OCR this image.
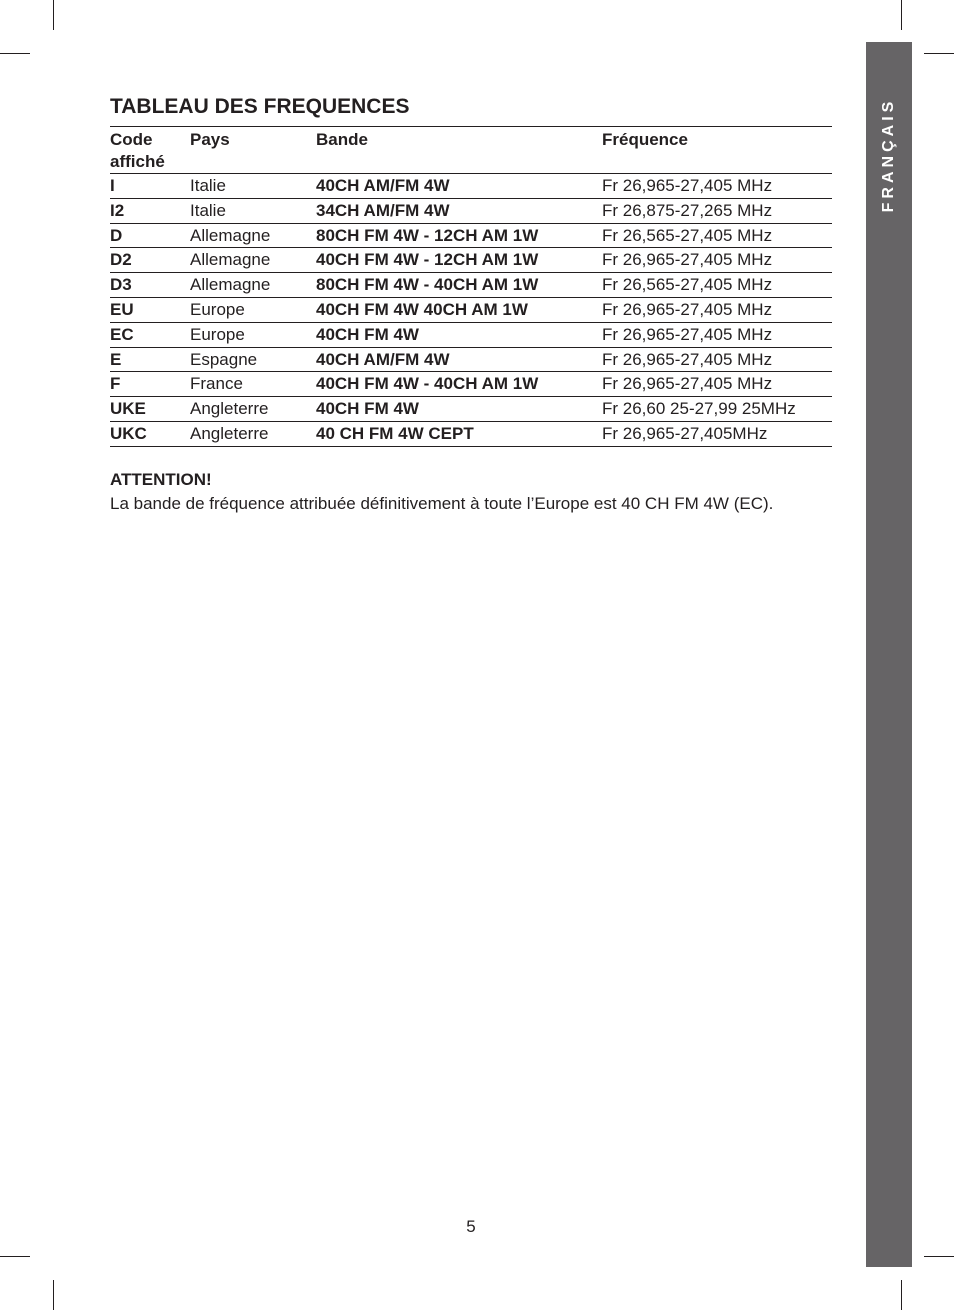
FRANÇAIS
TABLEAU DES FREQUENCES
Code
affiché	Pays	Bande	Fréquence
I	Italie	40CH AM/FM 4W	Fr 26,965-27,405 MHz
I2	Italie	34CH AM/FM 4W	Fr 26,875-27,265 MHz
D	Allemagne	80CH FM 4W - 12CH AM 1W	Fr 26,565-27,405 MHz
D2	Allemagne	40CH FM 4W - 12CH AM 1W	Fr 26,965-27,405 MHz
D3	Allemagne	80CH FM 4W - 40CH AM 1W	Fr 26,565-27,405 MHz
EU	Europe	40CH FM 4W 40CH AM 1W	Fr 26,965-27,405 MHz
EC	Europe	40CH FM 4W	Fr 26,965-27,405 MHz
E	Espagne	40CH AM/FM 4W	Fr 26,965-27,405 MHz
F	France	40CH FM 4W - 40CH AM 1W	Fr 26,965-27,405 MHz
UKE	Angleterre	40CH FM 4W	Fr 26,60 25-27,99 25MHz
UKC	Angleterre	40 CH FM 4W CEPT	Fr 26,965-27,405MHz
ATTENTION!
La bande de fréquence attribuée définitivement à toute l’Europe est 40 CH FM 4W (EC).
5
